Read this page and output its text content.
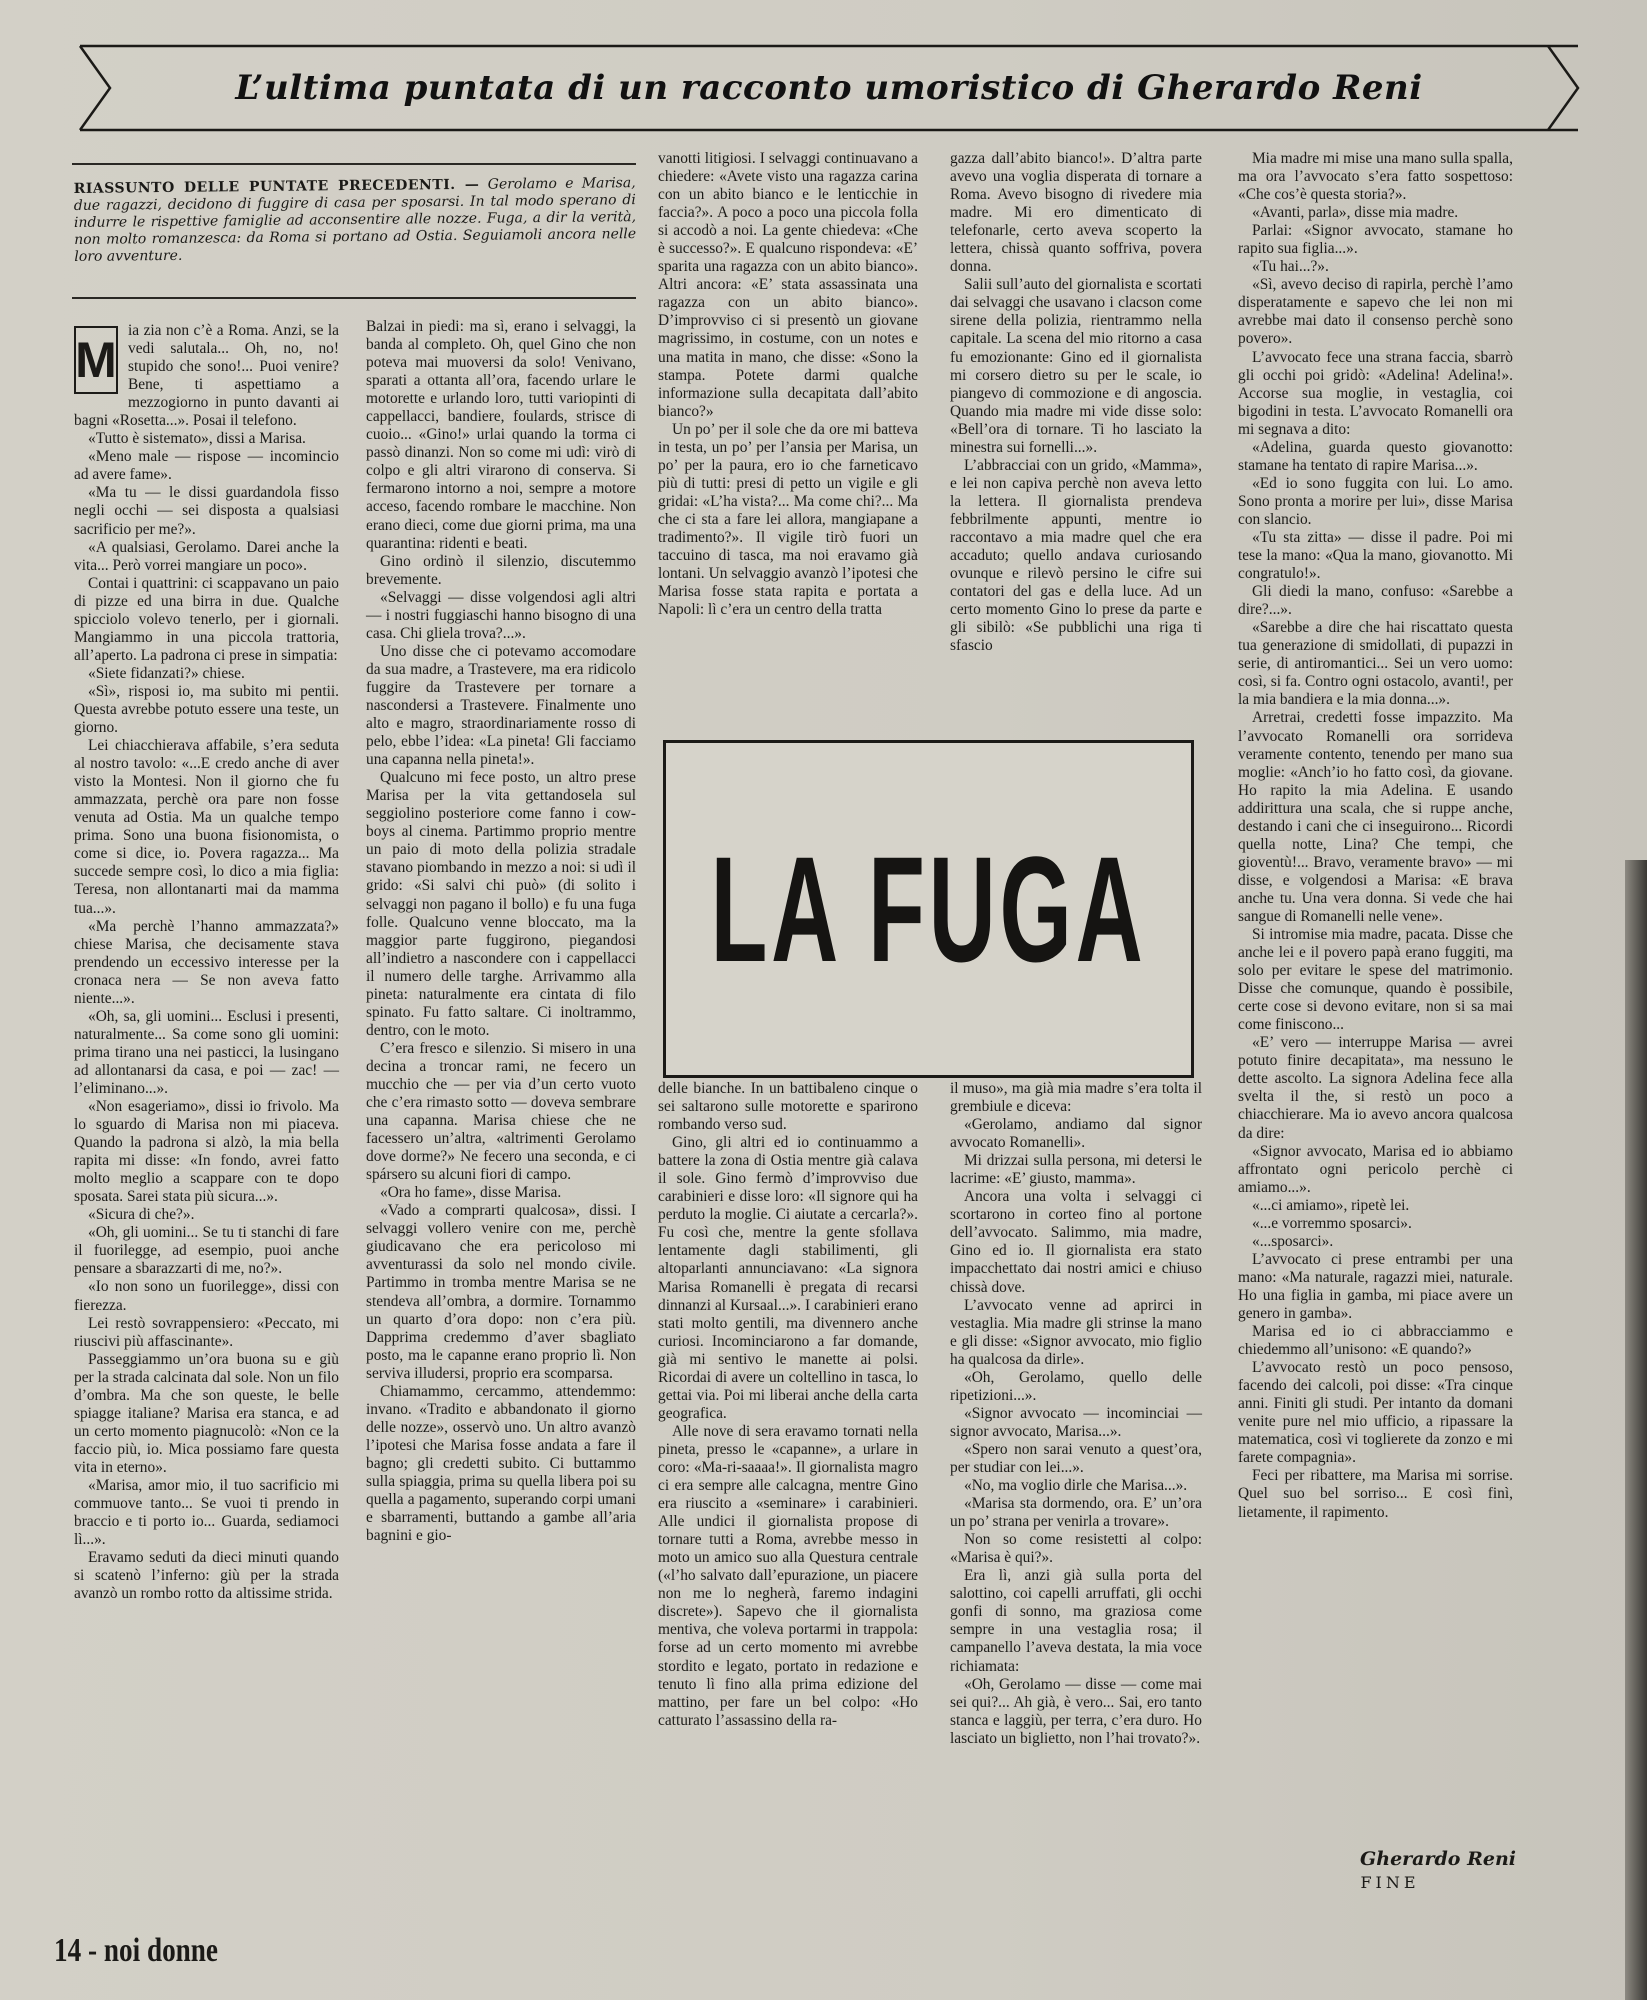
L’ultima puntata di un racconto umoristico di Gherardo Reni
RIASSUNTO DELLE PUNTATE PRECEDENTI. — Gerolamo e Marisa, due ragazzi, decidono di fuggire di casa per sposarsi. In tal modo sperano di indurre le rispettive famiglie ad acconsentire alle nozze. Fuga, a dir la verità, non molto romanzesca: da Roma si portano ad Ostia. Seguiamoli ancora nelle loro avventure.

M
ia zia non c’è a Roma. Anzi, se la vedi salutala... Oh, no, no! stupido che sono!... Puoi venire? Bene, ti aspettiamo a mezzogiorno in punto davanti ai bagni «Rosetta...». Posai il telefono.

«Tutto è sistemato», dissi a Marisa.

«Meno male — rispose — incomincio ad avere fame».

«Ma tu — le dissi guardandola fisso negli occhi — sei disposta a qualsiasi sacrificio per me?».

«A qualsiasi, Gerolamo. Darei anche la vita... Però vorrei mangiare un poco».

Contai i quattrini: ci scappavano un paio di pizze ed una birra in due. Qualche spicciolo volevo tenerlo, per i giornali. Mangiammo in una piccola trattoria, all’aperto. La padrona ci prese in simpatia:

«Siete fidanzati?» chiese.

«Sì», risposi io, ma subito mi pentii. Questa avrebbe potuto essere una teste, un giorno.

Lei chiacchierava affabile, s’era seduta al nostro tavolo: «...E credo anche di aver visto la Montesi. Non il giorno che fu ammazzata, perchè ora pare non fosse venuta ad Ostia. Ma un qualche tempo prima. Sono una buona fisionomista, o come si dice, io. Povera ragazza... Ma succede sempre così, lo dico a mia figlia: Teresa, non allontanarti mai da mamma tua...».

«Ma perchè l’hanno ammazzata?» chiese Marisa, che decisamente stava prendendo un eccessivo interesse per la cronaca nera — Se non aveva fatto niente...».

«Oh, sa, gli uomini... Esclusi i presenti, naturalmente... Sa come sono gli uomini: prima tirano una nei pasticci, la lusingano ad allontanarsi da casa, e poi — zac! — l’eliminano...».

«Non esageriamo», dissi io frivolo. Ma lo sguardo di Marisa non mi piaceva. Quando la padrona si alzò, la mia bella rapita mi disse: «In fondo, avrei fatto molto meglio a scappare con te dopo sposata. Sarei stata più sicura...».

«Sicura di che?».

«Oh, gli uomini... Se tu ti stanchi di fare il fuorilegge, ad esempio, puoi anche pensare a sbarazzarti di me, no?».

«Io non sono un fuorilegge», dissi con fierezza.

Lei restò sovrappensiero: «Peccato, mi riuscivi più affascinante».

Passeggiammo un’ora buona su e giù per la strada calcinata dal sole. Non un filo d’ombra. Ma che son queste, le belle spiagge italiane? Marisa era stanca, e ad un certo momento piagnucolò: «Non ce la faccio più, io. Mica possiamo fare questa vita in eterno».

«Marisa, amor mio, il tuo sacrificio mi commuove tanto... Se vuoi ti prendo in braccio e ti porto io... Guarda, sediamoci lì...».

Eravamo seduti da dieci minuti quando si scatenò l’inferno: giù per la strada avanzò un rombo rotto da altissime strida.

Balzai in piedi: ma sì, erano i selvaggi, la banda al completo. Oh, quel Gino che non poteva mai muoversi da solo! Venivano, sparati a ottanta all’ora, facendo urlare le motorette e urlando loro, tutti variopinti di cappellacci, bandiere, foulards, strisce di cuoio... «Gino!» urlai quando la torma ci passò dinanzi. Non so come mi udì: virò di colpo e gli altri virarono di conserva. Si fermarono intorno a noi, sempre a motore acceso, facendo rombare le macchine. Non erano dieci, come due giorni prima, ma una quarantina: ridenti e beati.

Gino ordinò il silenzio, discutemmo brevemente.

«Selvaggi — disse volgendosi agli altri — i nostri fuggiaschi hanno bisogno di una casa. Chi gliela trova?...».

Uno disse che ci potevamo accomodare da sua madre, a Trastevere, ma era ridicolo fuggire da Trastevere per tornare a nascondersi a Trastevere. Finalmente uno alto e magro, straordinariamente rosso di pelo, ebbe l’idea: «La pineta! Gli facciamo una capanna nella pineta!».

Qualcuno mi fece posto, un altro prese Marisa per la vita gettandosela sul seggiolino posteriore come fanno i cow-boys al cinema. Partimmo proprio mentre un paio di moto della polizia stradale stavano piombando in mezzo a noi: si udì il grido: «Si salvi chi può» (di solito i selvaggi non pagano il bollo) e fu una fuga folle. Qualcuno venne bloccato, ma la maggior parte fuggirono, piegandosi all’indietro a nascondere con i cappellacci il numero delle targhe. Arrivammo alla pineta: naturalmente era cintata di filo spinato. Fu fatto saltare. Ci inoltrammo, dentro, con le moto.

C’era fresco e silenzio. Si misero in una decina a troncar rami, ne fecero un mucchio che — per via d’un certo vuoto che c’era rimasto sotto — doveva sembrare una capanna. Marisa chiese che ne facessero un’altra, «altrimenti Gerolamo dove dorme?» Ne fecero una seconda, e ci spársero su alcuni fiori di campo.

«Ora ho fame», disse Marisa.

«Vado a comprarti qualcosa», dissi. I selvaggi vollero venire con me, perchè giudicavano che era pericoloso mi avventurassi da solo nel mondo civile. Partimmo in tromba mentre Marisa se ne stendeva all’ombra, a dormire. Tornammo un quarto d’ora dopo: non c’era più. Dapprima credemmo d’aver sbagliato posto, ma le capanne erano proprio lì. Non serviva illudersi, proprio era scomparsa.

Chiamammo, cercammo, attendemmo: invano. «Tradito e abbandonato il giorno delle nozze», osservò uno. Un altro avanzò l’ipotesi che Marisa fosse andata a fare il bagno; gli credetti subito. Ci buttammo sulla spiaggia, prima su quella libera poi su quella a pagamento, superando corpi umani e sbarramenti, buttando a gambe all’aria bagnini e gio-

vanotti litigiosi. I selvaggi continuavano a chiedere: «Avete visto una ragazza carina con un abito bianco e le lenticchie in faccia?». A poco a poco una piccola folla si accodò a noi. La gente chiedeva: «Che è successo?». E qualcuno rispondeva: «E’ sparita una ragazza con un abito bianco». Altri ancora: «E’ stata assassinata una ragazza con un abito bianco». D’improvviso ci si presentò un giovane magrissimo, in costume, con un notes e una matita in mano, che disse: «Sono la stampa. Potete darmi qualche informazione sulla decapitata dall’abito bianco?»

Un po’ per il sole che da ore mi batteva in testa, un po’ per l’ansia per Marisa, un po’ per la paura, ero io che farneticavo più di tutti: presi di petto un vigile e gli gridai: «L’ha vista?... Ma come chi?... Ma che ci sta a fare lei allora, mangiapane a tradimento?». Il vigile tirò fuori un taccuino di tasca, ma noi eravamo già lontani. Un selvaggio avanzò l’ipotesi che Marisa fosse stata rapita e portata a Napoli: lì c’era un centro della tratta

gazza dall’abito bianco!». D’altra parte avevo una voglia disperata di tornare a Roma. Avevo bisogno di rivedere mia madre. Mi ero dimenticato di telefonarle, certo aveva scoperto la lettera, chissà quanto soffriva, povera donna.

Salii sull’auto del giornalista e scortati dai selvaggi che usavano i clacson come sirene della polizia, rientrammo nella capitale. La scena del mio ritorno a casa fu emozionante: Gino ed il giornalista mi corsero dietro su per le scale, io piangevo di commozione e di angoscia. Quando mia madre mi vide disse solo: «Bell’ora di tornare. Ti ho lasciato la minestra sui fornelli...».

L’abbracciai con un grido, «Mamma», e lei non capiva perchè non aveva letto la lettera. Il giornalista prendeva febbrilmente appunti, mentre io raccontavo a mia madre quel che era accaduto; quello andava curiosando ovunque e rilevò persino le cifre sui contatori del gas e della luce. Ad un certo momento Gino lo prese da parte e gli sibilò: «Se pubblichi una riga ti sfascio

LA FUGA

delle bianche. In un battibaleno cinque o sei saltarono sulle motorette e sparirono rombando verso sud.

Gino, gli altri ed io continuammo a battere la zona di Ostia mentre già calava il sole. Gino fermò d’improvviso due carabinieri e disse loro: «Il signore qui ha perduto la moglie. Ci aiutate a cercarla?». Fu così che, mentre la gente sfollava lentamente dagli stabilimenti, gli altoparlanti annunciavano: «La signora Marisa Romanelli è pregata di recarsi dinnanzi al Kursaal...». I carabinieri erano stati molto gentili, ma divennero anche curiosi. Incominciarono a far domande, già mi sentivo le manette ai polsi. Ricordai di avere un coltellino in tasca, lo gettai via. Poi mi liberai anche della carta geografica.

Alle nove di sera eravamo tornati nella pineta, presso le «capanne», a urlare in coro: «Ma-ri-saaaa!». Il giornalista magro ci era sempre alle calcagna, mentre Gino era riuscito a «seminare» i carabinieri. Alle undici il giornalista propose di tornare tutti a Roma, avrebbe messo in moto un amico suo alla Questura centrale («l’ho salvato dall’epurazione, un piacere non me lo negherà, faremo indagini discrete»). Sapevo che il giornalista mentiva, che voleva portarmi in trappola: forse ad un certo momento mi avrebbe stordito e legato, portato in redazione e tenuto lì fino alla prima edizione del mattino, per fare un bel colpo: «Ho catturato l’assassino della ra-

il muso», ma già mia madre s’era tolta il grembiule e diceva:

«Gerolamo, andiamo dal signor avvocato Romanelli».

Mi drizzai sulla persona, mi detersi le lacrime: «E’ giusto, mamma».

Ancora una volta i selvaggi ci scortarono in corteo fino al portone dell’avvocato. Salimmo, mia madre, Gino ed io. Il giornalista era stato impacchettato dai nostri amici e chiuso chissà dove.

L’avvocato venne ad aprirci in vestaglia. Mia madre gli strinse la mano e gli disse: «Signor avvocato, mio figlio ha qualcosa da dirle».

«Oh, Gerolamo, quello delle ripetizioni...».

«Signor avvocato — incominciai — signor avvocato, Marisa...».

«Spero non sarai venuto a quest’ora, per studiar con lei...».

«No, ma voglio dirle che Marisa...».

«Marisa sta dormendo, ora. E’ un’ora un po’ strana per venirla a trovare».

Non so come resistetti al colpo: «Marisa è qui?».

Era lì, anzi già sulla porta del salottino, coi capelli arruffati, gli occhi gonfi di sonno, ma graziosa come sempre in una vestaglia rosa; il campanello l’aveva destata, la mia voce richiamata:

«Oh, Gerolamo — disse — come mai sei qui?... Ah già, è vero... Sai, ero tanto stanca e laggiù, per terra, c’era duro. Ho lasciato un biglietto, non l’hai trovato?».

Mia madre mi mise una mano sulla spalla, ma ora l’avvocato s’era fatto sospettoso: «Che cos’è questa storia?».

«Avanti, parla», disse mia madre.

Parlai: «Signor avvocato, stamane ho rapito sua figlia...».

«Tu hai...?».

«Sì, avevo deciso di rapirla, perchè l’amo disperatamente e sapevo che lei non mi avrebbe mai dato il consenso perchè sono povero».

L’avvocato fece una strana faccia, sbarrò gli occhi poi gridò: «Adelina! Adelina!». Accorse sua moglie, in vestaglia, coi bigodini in testa. L’avvocato Romanelli ora mi segnava a dito:

«Adelina, guarda questo giovanotto: stamane ha tentato di rapire Marisa...».

«Ed io sono fuggita con lui. Lo amo. Sono pronta a morire per lui», disse Marisa con slancio.

«Tu sta zitta» — disse il padre. Poi mi tese la mano: «Qua la mano, giovanotto. Mi congratulo!».

Gli diedi la mano, confuso: «Sarebbe a dire?...».

«Sarebbe a dire che hai riscattato questa tua generazione di smidollati, di pupazzi in serie, di antiromantici... Sei un vero uomo: così, si fa. Contro ogni ostacolo, avanti!, per la mia bandiera e la mia donna...».

Arretrai, credetti fosse impazzito. Ma l’avvocato Romanelli ora sorrideva veramente contento, tenendo per mano sua moglie: «Anch’io ho fatto così, da giovane. Ho rapito la mia Adelina. E usando addirittura una scala, che si ruppe anche, destando i cani che ci inseguirono... Ricordi quella notte, Lina? Che tempi, che gioventù!... Bravo, veramente bravo» — mi disse, e volgendosi a Marisa: «E brava anche tu. Una vera donna. Si vede che hai sangue di Romanelli nelle vene».

Si intromise mia madre, pacata. Disse che anche lei e il povero papà erano fuggiti, ma solo per evitare le spese del matrimonio. Disse che comunque, quando è possibile, certe cose si devono evitare, non si sa mai come finiscono...

«E’ vero — interruppe Marisa — avrei potuto finire decapitata», ma nessuno le dette ascolto. La signora Adelina fece alla svelta il the, si restò un poco a chiacchierare. Ma io avevo ancora qualcosa da dire:

«Signor avvocato, Marisa ed io abbiamo affrontato ogni pericolo perchè ci amiamo...».

«...ci amiamo», ripetè lei.

«...e vorremmo sposarci».

«...sposarci».

L’avvocato ci prese entrambi per una mano: «Ma naturale, ragazzi miei, naturale. Ho una figlia in gamba, mi piace avere un genero in gamba».

Marisa ed io ci abbracciammo e chiedemmo all’unisono: «E quando?»

L’avvocato restò un poco pensoso, facendo dei calcoli, poi disse: «Tra cinque anni. Finiti gli studi. Per intanto da domani venite pure nel mio ufficio, a ripassare la matematica, così vi toglierete da zonzo e mi farete compagnia».

Feci per ribattere, ma Marisa mi sorrise. Quel suo bel sorriso... E così finì, lietamente, il rapimento.

Gherardo Reni
FINE
14 - noi donne
